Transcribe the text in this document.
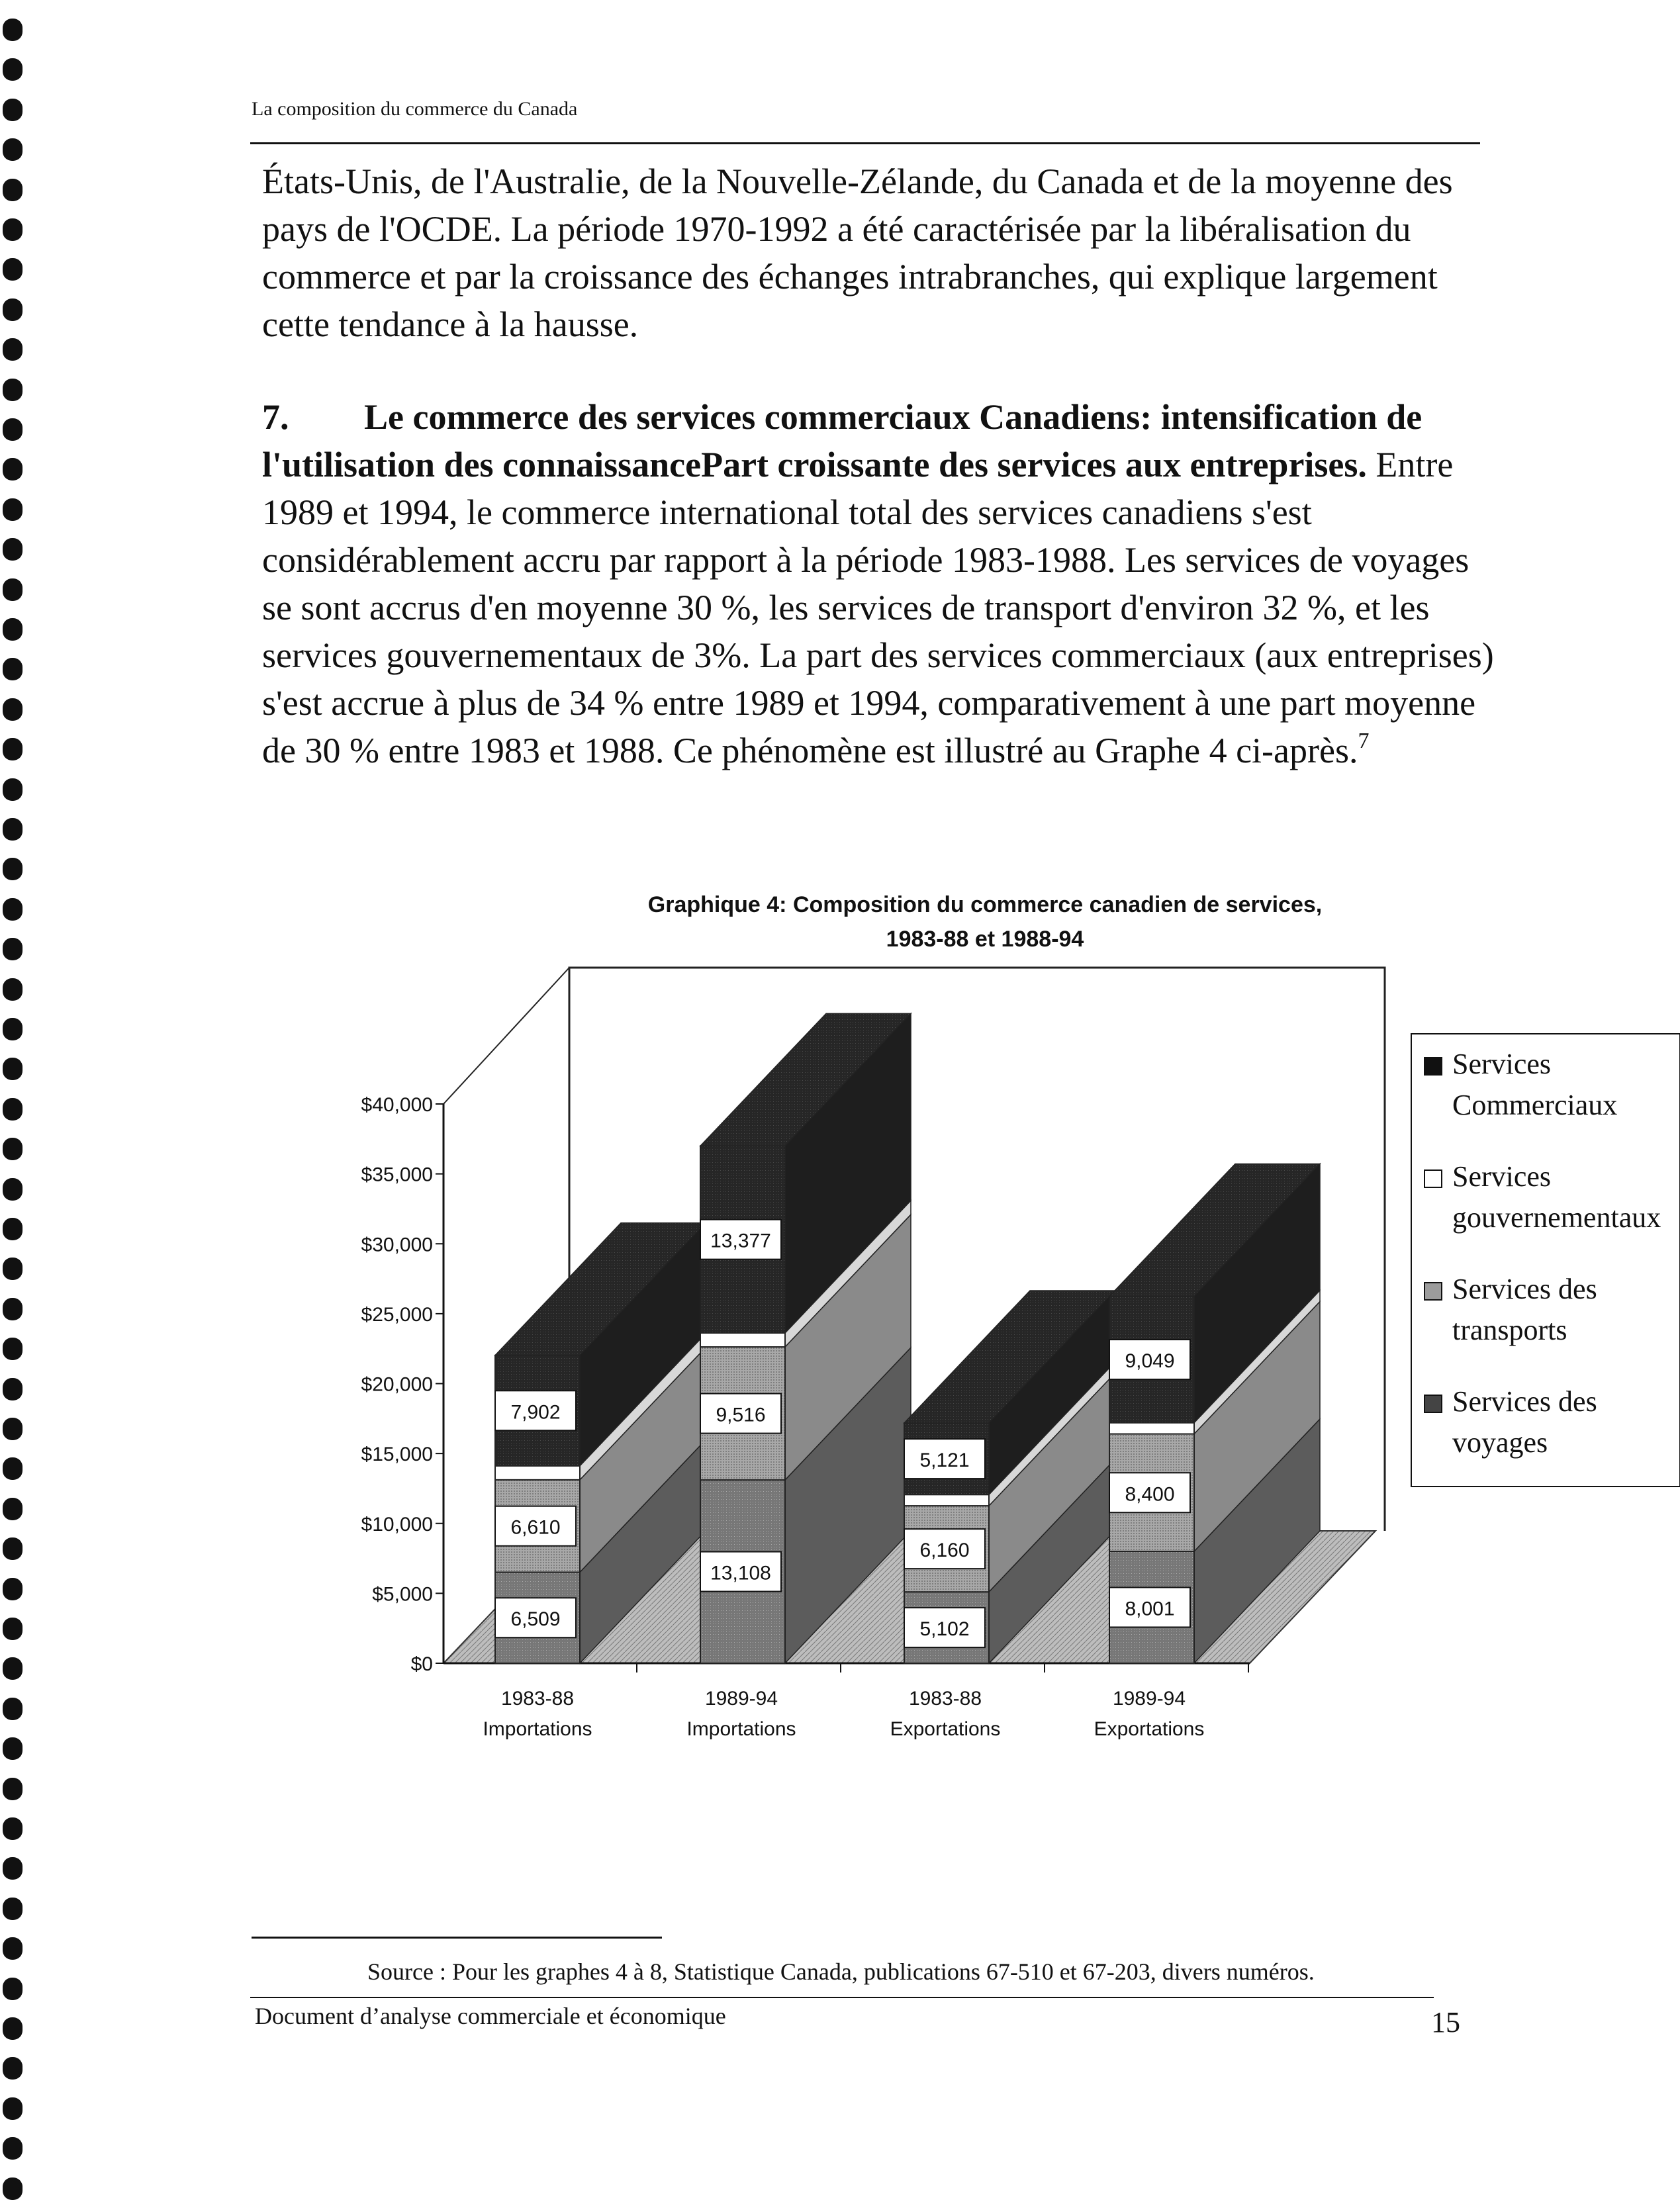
La composition du commerce du Canada

États-Unis, de l'Australie, de la Nouvelle-Zélande, du Canada et de la moyenne des pays de l'OCDE. La période 1970-1992 a été caractérisée par la libéralisation du commerce et par la croissance des échanges intrabranches, qui explique largement cette tendance à la hausse.

7. Le commerce des services commerciaux Canadiens: intensification de l'utilisation des connaissancePart croissante des services aux entreprises. Entre 1989 et 1994, le commerce international total des services canadiens s'est considérablement accru par rapport à la période 1983-1988. Les services de voyages se sont accrus d'en moyenne 30 %, les services de transport d'environ 32 %, et les services gouvernementaux de 3%. La part des services commerciaux (aux entreprises) s'est accrue à plus de 34 % entre 1989 et 1994, comparativement à une part moyenne de 30 % entre 1983 et 1988. Ce phénomène est illustré au Graphe 4 ci-après.$^7$

Graphique 4: Composition du commerce canadien de services,
1983-88 et 1988-94
$0
$5,000
$10,000
$15,000
$20,000
$25,000
$30,000
$35,000
$40,000
6,509
6,610
7,902
13,108
9,516
13,377
5,102
6,160
5,121
8,001
8,400
9,049
1983-88
Importations
1989-94
Importations
1983-88
Exportations
1989-94
Exportations
Services
Commerciaux
Services
gouvernementaux
Services des
transports
Services des
voyages
Source : Pour les graphes 4 à 8, Statistique Canada, publications 67-510 et 67-203, divers numéros.
Document d’analyse commerciale et économique	15
